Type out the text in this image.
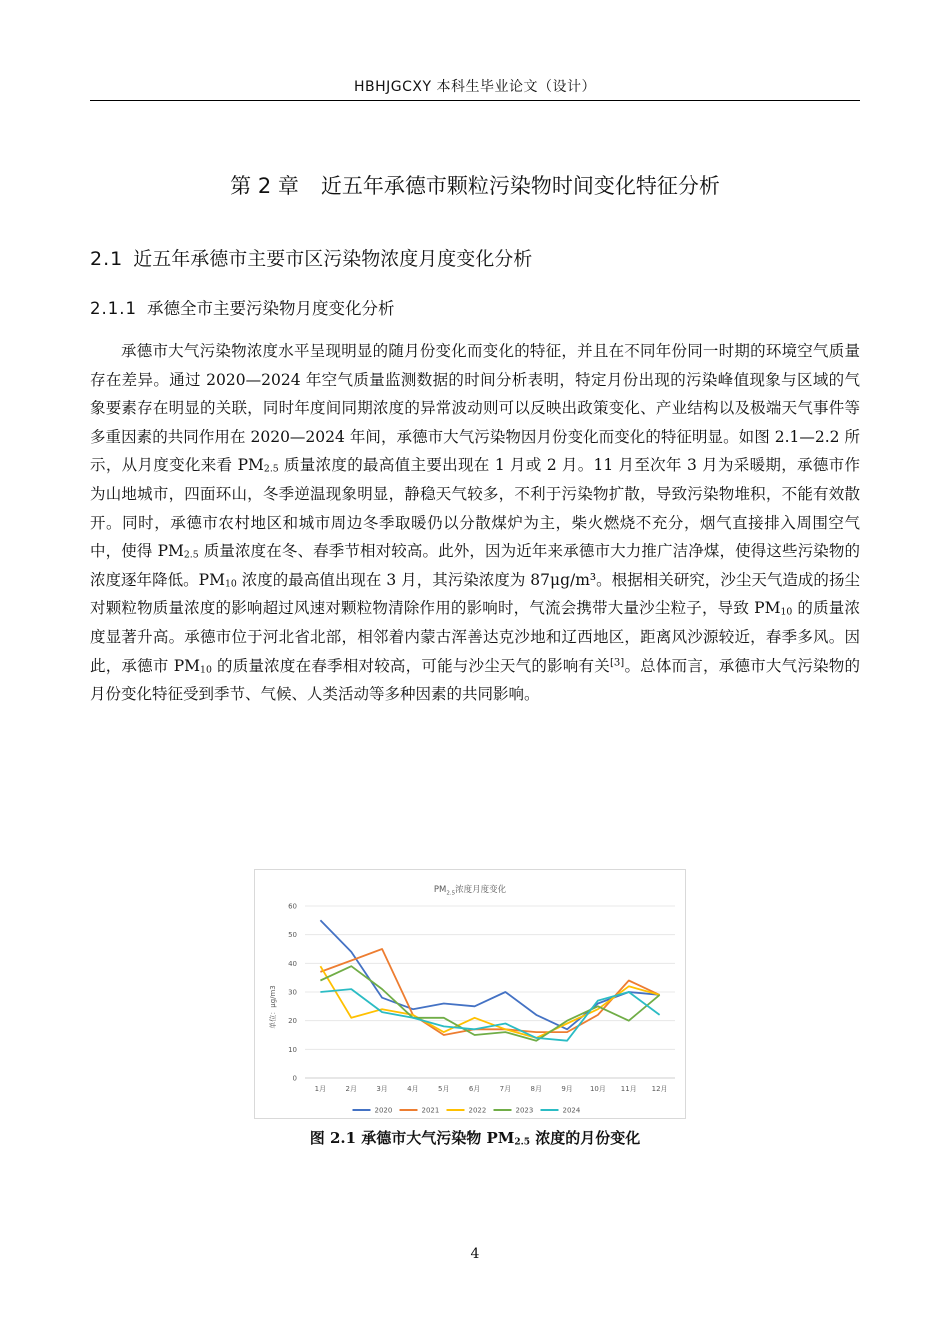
HBHJGCXY 本科生毕业论文（设计）
第 2 章 近五年承德市颗粒污染物时间变化特征分析
2.1 近五年承德市主要市区污染物浓度月度变化分析
2.1.1 承德全市主要污染物月度变化分析
承德市大气污染物浓度水平呈现明显的随月份变化而变化的特征，并且在不同年份同一时期的环境空气质量存在差异。通过 2020—2024 年空气质量监测数据的时间分析表明，特定月份出现的污染峰值现象与区域的气象要素存在明显的关联，同时年度间同期浓度的异常波动则可以反映出政策变化、产业结构以及极端天气事件等多重因素的共同作用在 2020—2024 年间，承德市大气污染物因月份变化而变化的特征明显。如图 2.1—2.2 所示，从月度变化来看 $PM_{2.5}$ 质量浓度的最高值主要出现在 1 月或 2 月。11 月至次年 3 月为采暖期，承德市作为山地城市，四面环山，冬季逆温现象明显，静稳天气较多，不利于污染物扩散，导致污染物堆积，不能有效散开。同时，承德市农村地区和城市周边冬季取暖仍以分散煤炉为主，柴火燃烧不充分，烟气直接排入周围空气中，使得 $PM_{2.5}$ 质量浓度在冬、春季节相对较高。此外，因为近年来承德市大力推广洁净煤，使得这些污染物的浓度逐年降低。$PM_{10}$ 浓度的最高值出现在 3 月，其污染浓度为 87μg/m³。根据相关研究，沙尘天气造成的扬尘对颗粒物质量浓度的影响超过风速对颗粒物清除作用的影响时，气流会携带大量沙尘粒子，导致 $PM_{10}$ 的质量浓度显著升高。承德市位于河北省北部，相邻着内蒙古浑善达克沙地和辽西地区，距离风沙源较近，春季多风。因此，承德市 $PM_{10}$ 的质量浓度在春季相对较高，可能与沙尘天气的影响有关[3]。总体而言，承德市大气污染物的月份变化特征受到季节、气候、人类活动等多种因素的共同影响。
$PM_{2.5}$浓度月度变化
单位：μg/m3
0
10
20
30
40
50
60
1月	2月	3月	4月	5月	6月	7月	8月	9月 10月 11月 12月
2020	2021	2022	2023	2024
图 2.1 承德市大气污染物 $PM_{2.5}$ 浓度的月份变化
4
